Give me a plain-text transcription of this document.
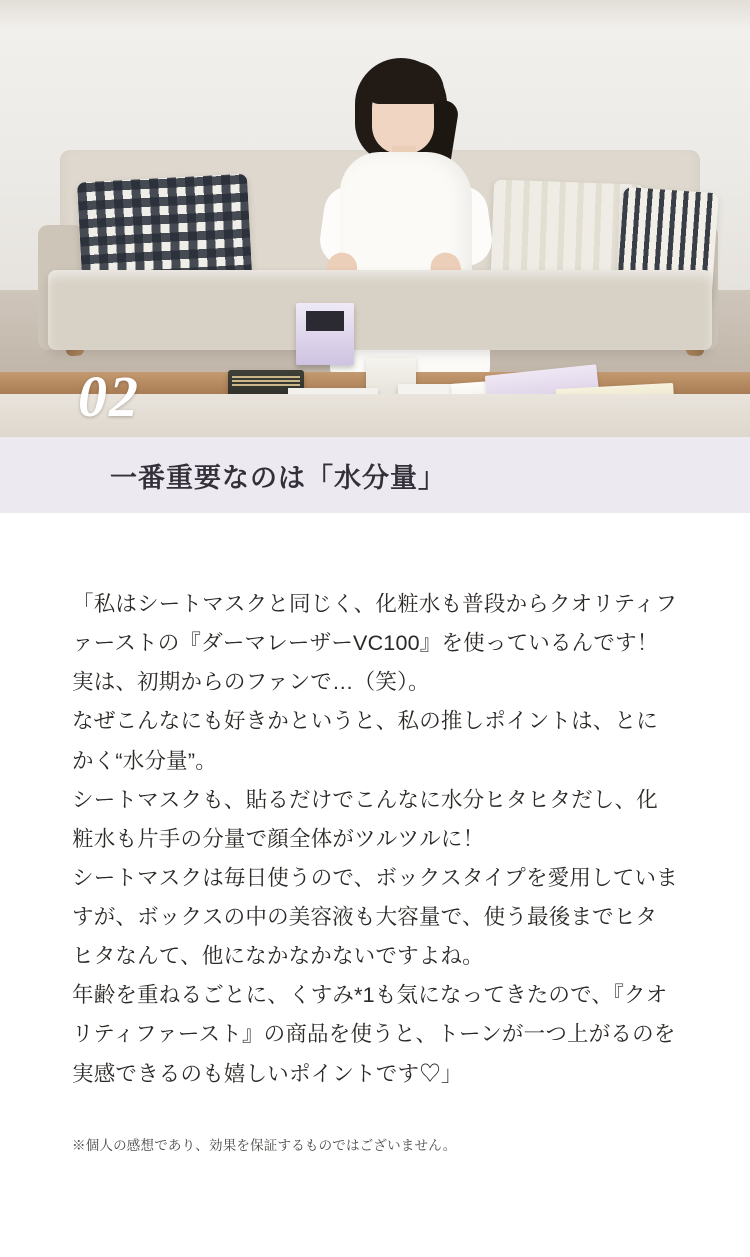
02
一番重要なのは「水分量」

「私はシートマスクと同じく、化粧水も普段からクオリティファーストの『ダーマレーザーVC100』を使っているんです！実は、初期からのファンで…（笑）。

なぜこんなにも好きかというと、私の推しポイントは、とにかく“水分量”。

シートマスクも、貼るだけでこんなに水分ヒタヒタだし、化粧水も片手の分量で顔全体がツルツルに！

シートマスクは毎日使うので、ボックスタイプを愛用していますが、ボックスの中の美容液も大容量で、使う最後までヒタヒタなんて、他になかなかないですよね。

年齢を重ねるごとに、くすみ*1も気になってきたので、『クオリティファースト』の商品を使うと、トーンが一つ上がるのを実感できるのも嬉しいポイントです♡」

※個人の感想であり、効果を保証するものではございません。
